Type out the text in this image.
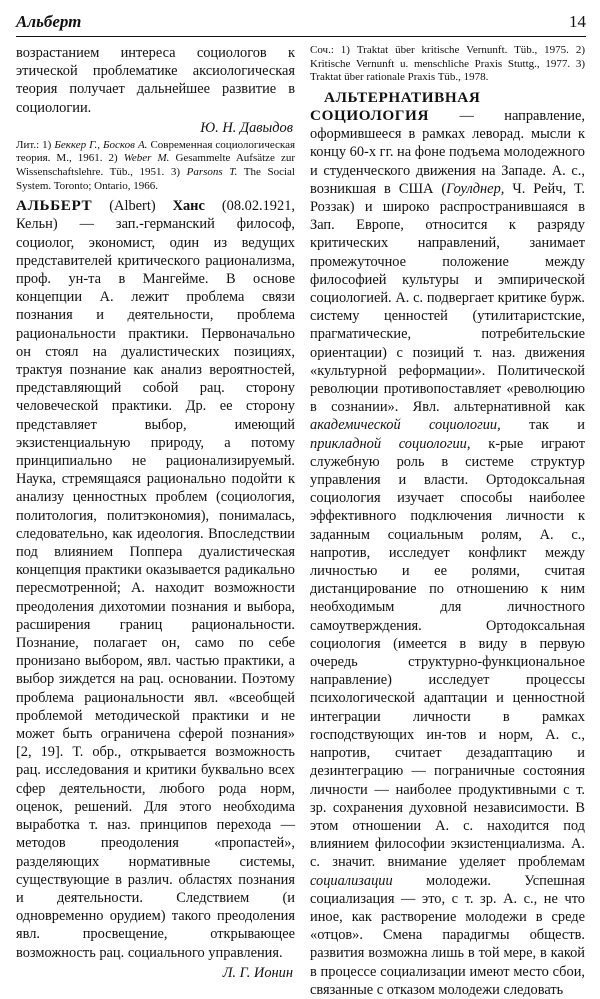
Альберт	14

возрастанием интереса социологов к этической проблематике аксиологическая теория получает дальнейшее развитие в социологии.

Ю. Н. Давыдов

Лит.: 1) Беккер Г., Босков А. Современная социологическая теория. М., 1961. 2) Weber M. Gesammelte Aufsätze zur Wissenschaftslehre. Tüb., 1951. 3) Parsons T. The Social System. Toronto; Ontario, 1966.

АЛЬБЕРТ (Albert) Ханс (08.02.1921, Кельн) — зап.-германский философ, социолог, экономист, один из ведущих представителей критического рационализма, проф. ун-та в Мангейме. В основе концепции А. лежит проблема связи познания и деятельности, проблема рациональности практики. Первоначально он стоял на дуалистических позициях, трактуя познание как анализ вероятностей, представляющий собой рац. сторону человеческой практики. Др. ее сторону представляет выбор, имеющий экзистенциальную природу, а потому принципиально не рационализируемый. Наука, стремящаяся рационально подойти к анализу ценностных проблем (социология, политология, политэкономия), понималась, следовательно, как идеология. Впоследствии под влиянием Поппера дуалистическая концепция практики оказывается радикально пересмотренной; А. находит возможности преодоления дихотомии познания и выбора, расширения границ рациональности. Познание, полагает он, само по себе пронизано выбором, явл. частью практики, а выбор зиждется на рац. основании. Поэтому проблема рациональности явл. «всеобщей проблемой методической практики и не может быть ограничена сферой познания» [2, 19]. Т. обр., открывается возможность рац. исследования и критики буквально всех сфер деятельности, любого рода норм, оценок, решений. Для этого необходима выработка т. наз. принципов перехода — методов преодоления «пропастей», разделяющих нормативные системы, существующие в различ. областях познания и деятельности. Следствием (и одновременно орудием) такого преодоления явл. просвещение, открывающее возможность рац. социального управления.

Л. Г. Ионин

Соч.: 1) Traktat über kritische Vernunft. Tüb., 1975. 2) Kritische Vernunft u. menschliche Praxis Stuttg., 1977. 3) Traktat über rationale Praxis Tüb., 1978.

АЛЬТЕРНАТИВНАЯ СОЦИОЛОГИЯ — направление, оформившееся в рамках леворад. мысли к концу 60-х гг. на фоне подъема молодежного и студенческого движения на Западе. А. с., возникшая в США (Гоулднер, Ч. Рейч, Т. Роззак) и широко распространившаяся в Зап. Европе, относится к разряду критических направлений, занимает промежуточное положение между философией культуры и эмпирической социологией. А. с. подвергает критике бурж. систему ценностей (утилитаристские, прагматические, потребительские ориентации) с позиций т. наз. движения «культурной реформации». Политической революции противопоставляет «революцию в сознании». Явл. альтернативной как академической социологии, так и прикладной социологии, к-рые играют служебную роль в системе структур управления и власти. Ортодоксальная социология изучает способы наиболее эффективного подключения личности к заданным социальным ролям, А. с., напротив, исследует конфликт между личностью и ее ролями, считая дистанцирование по отношению к ним необходимым для личностного самоутверждения. Ортодоксальная социология (имеется в виду в первую очередь структурно-функциональное направление) исследует процессы психологической адаптации и ценностной интеграции личности в рамках господствующих ин-тов и норм, А. с., напротив, считает дезадаптацию и дезинтеграцию — пограничные состояния личности — наиболее продуктивными с т. зр. сохранения духовной независимости. В этом отношении А. с. находится под влиянием философии экзистенциализма. А. с. значит. внимание уделяет проблемам социализации молодежи. Успешная социализация — это, с т. зр. А. с., не что иное, как растворение молодежи в среде «отцов». Смена парадигмы обществ. развития возможна лишь в той мере, в какой в процессе социализации имеют место сбои, связанные с отказом молодежи следовать
